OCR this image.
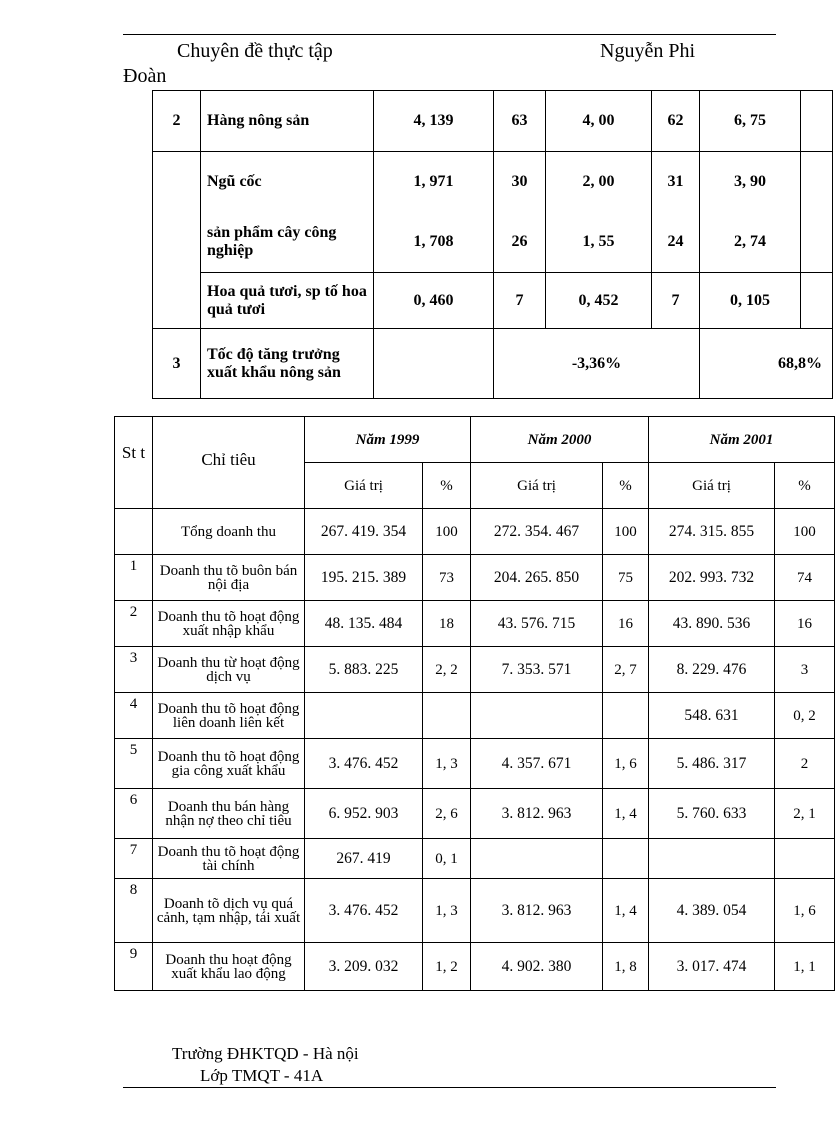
Chuyên đề thực tập	Nguyễn Phi
Đoàn
2	Hàng nông sản	4, 139	63	4, 00	62	6, 75	
	Ngũ cốc	1, 971	30	2, 00	31	3, 90	
	sản phẩm cây công nghiệp	1, 708	26	1, 55	24	2, 74	
	Hoa quả tươi, sp tố hoa quả tươi	0, 460	7	0, 452	7	0, 105	
3	Tốc độ tăng trưởng xuất khẩu nông sản		-3,36%			68,8%	
St t	Chỉ tiêu	Năm 1999		Năm 2000		Năm 2001	
		Giá trị	%	Giá trị	%	Giá trị	%
	Tổng doanh thu	267. 419. 354	100	272. 354. 467	100	274. 315. 855	100
1	Doanh thu tõ buôn bán nội địa	195. 215. 389	73	204. 265. 850	75	202. 993. 732	74
2	Doanh thu tõ hoạt động xuất nhập khẩu	48. 135. 484	18	43. 576. 715	16	43. 890. 536	16
3	Doanh thu từ hoạt động dịch vụ	5. 883. 225	2, 2	7. 353. 571	2, 7	8. 229. 476	3
4	Doanh thu tõ hoạt động liên doanh liên kết					548. 631	0, 2
5	Doanh thu tõ hoạt động gia công xuất khẩu	3. 476. 452	1, 3	4. 357. 671	1, 6	5. 486. 317	2
6	Doanh thu bán hàng nhận nợ theo chỉ tiêu	6. 952. 903	2, 6	3. 812. 963	1, 4	5. 760. 633	2, 1
7	Doanh thu tõ hoạt động tài chính	267. 419	0, 1				
8	Doanh tõ dịch vụ quá cảnh, tạm nhập, tái xuất	3. 476. 452	1, 3	3. 812. 963	1, 4	4. 389. 054	1, 6
9	Doanh thu hoạt động xuất khẩu lao động	3. 209. 032	1, 2	4. 902. 380	1, 8	3. 017. 474	1, 1
Trường ĐHKTQD - Hà nội
Lớp TMQT - 41A
